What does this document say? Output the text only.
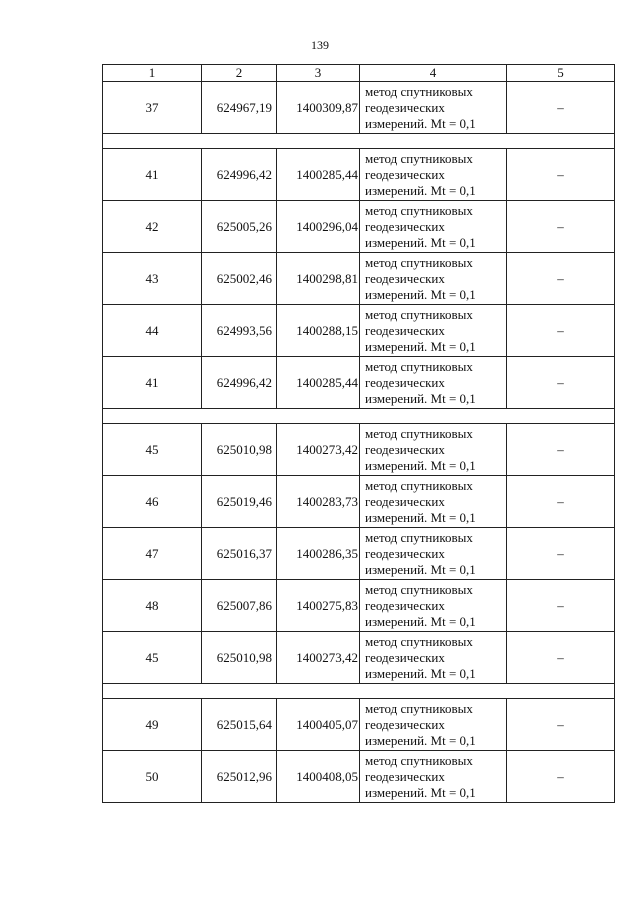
139
1	2	3	4	5
37	624967,19	1400309,87	метод спутниковых
геодезических
измерений. Mt = 0,1	–

41	624996,42	1400285,44	метод спутниковых
геодезических
измерений. Mt = 0,1	–
42	625005,26	1400296,04	метод спутниковых
геодезических
измерений. Mt = 0,1	–
43	625002,46	1400298,81	метод спутниковых
геодезических
измерений. Mt = 0,1	–
44	624993,56	1400288,15	метод спутниковых
геодезических
измерений. Mt = 0,1	–
41	624996,42	1400285,44	метод спутниковых
геодезических
измерений. Mt = 0,1	–

45	625010,98	1400273,42	метод спутниковых
геодезических
измерений. Mt = 0,1	–
46	625019,46	1400283,73	метод спутниковых
геодезических
измерений. Mt = 0,1	–
47	625016,37	1400286,35	метод спутниковых
геодезических
измерений. Mt = 0,1	–
48	625007,86	1400275,83	метод спутниковых
геодезических
измерений. Mt = 0,1	–
45	625010,98	1400273,42	метод спутниковых
геодезических
измерений. Mt = 0,1	–

49	625015,64	1400405,07	метод спутниковых
геодезических
измерений. Mt = 0,1	–
50	625012,96	1400408,05	метод спутниковых
геодезических
измерений. Mt = 0,1	–
